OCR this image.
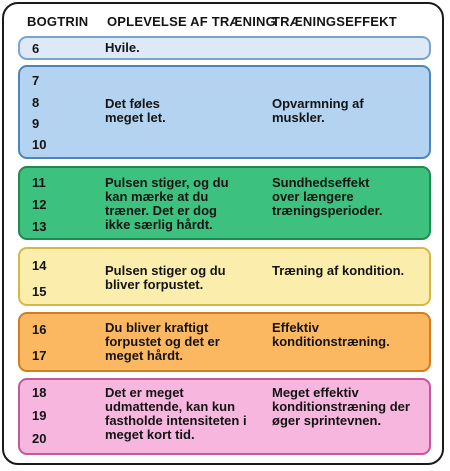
BOGTRIN OPLEVELSE AF TRÆNING
TRÆNINGSEFFEKT
6	Hvile.
7
8
9
10
Det føles
meget let.
Opvarmning af
muskler.
11
12
13
Pulsen stiger, og du
kan mærke at du
træner. Det er dog
ikke særlig hårdt.
Sundhedseffekt
over længere
træningsperioder.
14
15
Pulsen stiger og du
bliver forpustet.
Træning af kondition.
16
17
Du bliver kraftigt
forpustet og det er
meget hårdt.
Effektiv
konditionstræning.
18
19
20
Det er meget
udmattende, kan kun
fastholde intensiteten i
meget kort tid.
Meget effektiv
konditionstræning der
øger sprintevnen.
